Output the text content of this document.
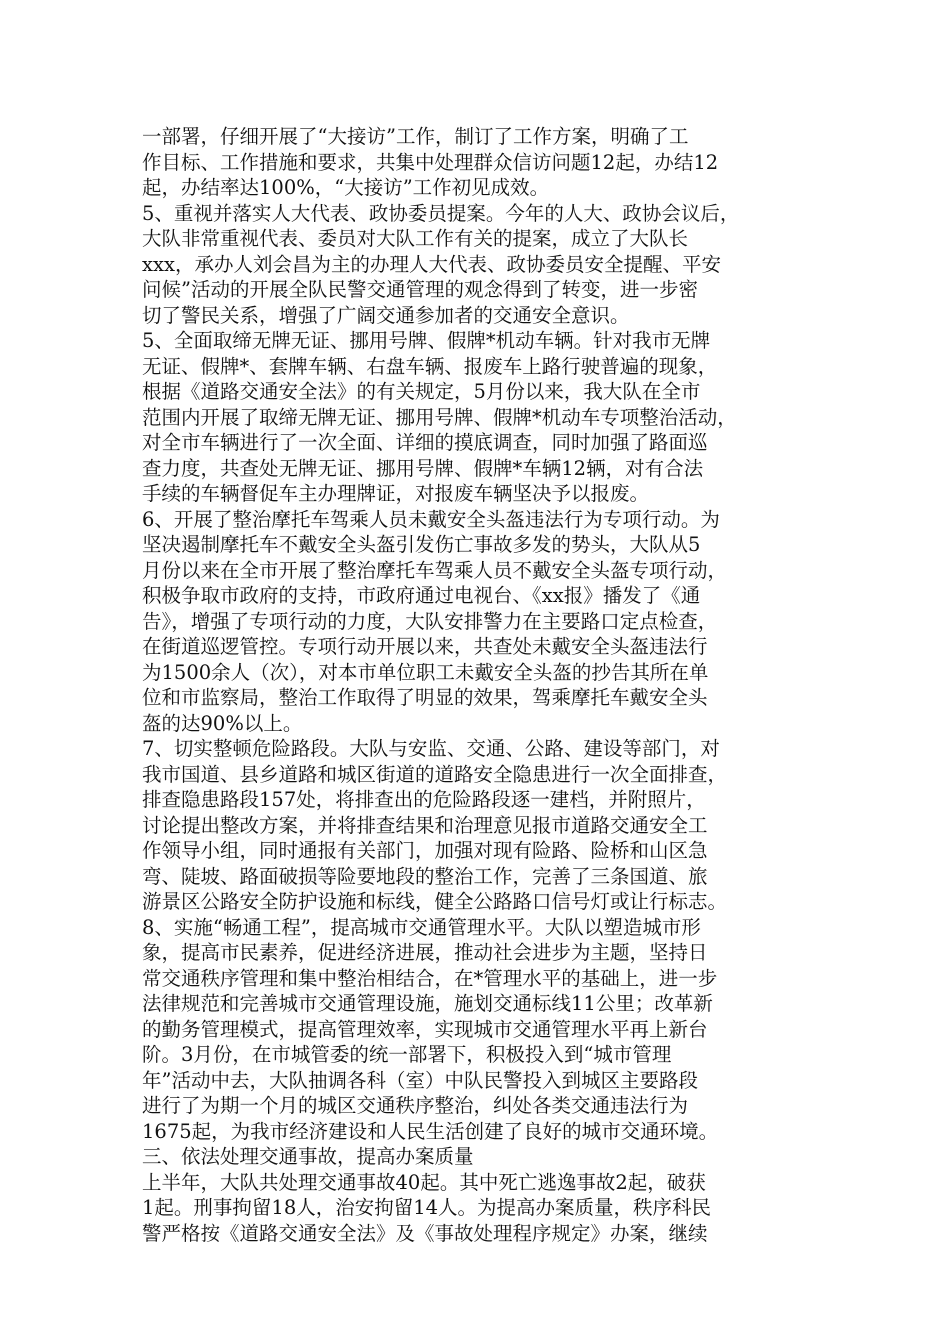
一部署，仔细开展了“大接访”工作，制订了工作方案，明确了工
作目标、工作措施和要求，共集中处理群众信访问题12起，办结12
起，办结率达100%，“大接访”工作初见成效。
5、重视并落实人大代表、政协委员提案。今年的人大、政协会议后，
大队非常重视代表、委员对大队工作有关的提案，成立了大队长
xxx，承办人刘会昌为主的办理人大代表、政协委员安全提醒、平安
问候”活动的开展全队民警交通管理的观念得到了转变，进一步密
切了警民关系，增强了广阔交通参加者的交通安全意识。
5、全面取缔无牌无证、挪用号牌、假牌*机动车辆。针对我市无牌
无证、假牌*、套牌车辆、右盘车辆、报废车上路行驶普遍的现象，
根据《道路交通安全法》的有关规定，5月份以来，我大队在全市
范围内开展了取缔无牌无证、挪用号牌、假牌*机动车专项整治活动，
对全市车辆进行了一次全面、详细的摸底调查，同时加强了路面巡
查力度，共查处无牌无证、挪用号牌、假牌*车辆12辆，对有合法
手续的车辆督促车主办理牌证，对报废车辆坚决予以报废。
6、开展了整治摩托车驾乘人员未戴安全头盔违法行为专项行动。为
坚决遏制摩托车不戴安全头盔引发伤亡事故多发的势头，大队从5
月份以来在全市开展了整治摩托车驾乘人员不戴安全头盔专项行动，
积极争取市政府的支持，市政府通过电视台、《xx报》播发了《通
告》，增强了专项行动的力度，大队安排警力在主要路口定点检查，
在街道巡逻管控。专项行动开展以来，共查处未戴安全头盔违法行
为1500余人（次），对本市单位职工未戴安全头盔的抄告其所在单
位和市监察局，整治工作取得了明显的效果，驾乘摩托车戴安全头
盔的达90%以上。
7、切实整顿危险路段。大队与安监、交通、公路、建设等部门，对
我市国道、县乡道路和城区街道的道路安全隐患进行一次全面排查，
排查隐患路段157处，将排查出的危险路段逐一建档，并附照片，
讨论提出整改方案，并将排查结果和治理意见报市道路交通安全工
作领导小组，同时通报有关部门，加强对现有险路、险桥和山区急
弯、陡坡、路面破损等险要地段的整治工作，完善了三条国道、旅
游景区公路安全防护设施和标线，健全公路路口信号灯或让行标志。
8、实施“畅通工程”，提高城市交通管理水平。大队以塑造城市形
象，提高市民素养，促进经济进展，推动社会进步为主题，坚持日
常交通秩序管理和集中整治相结合，在*管理水平的基础上，进一步
法律规范和完善城市交通管理设施，施划交通标线11公里；改革新
的勤务管理模式，提高管理效率，实现城市交通管理水平再上新台
阶。3月份，在市城管委的统一部署下，积极投入到“城市管理
年”活动中去，大队抽调各科（室）中队民警投入到城区主要路段
进行了为期一个月的城区交通秩序整治，纠处各类交通违法行为
1675起，为我市经济建设和人民生活创建了良好的城市交通环境。
三、依法处理交通事故，提高办案质量
上半年，大队共处理交通事故40起。其中死亡逃逸事故2起，破获
1起。刑事拘留18人，治安拘留14人。为提高办案质量，秩序科民
警严格按《道路交通安全法》及《事故处理程序规定》办案，继续
